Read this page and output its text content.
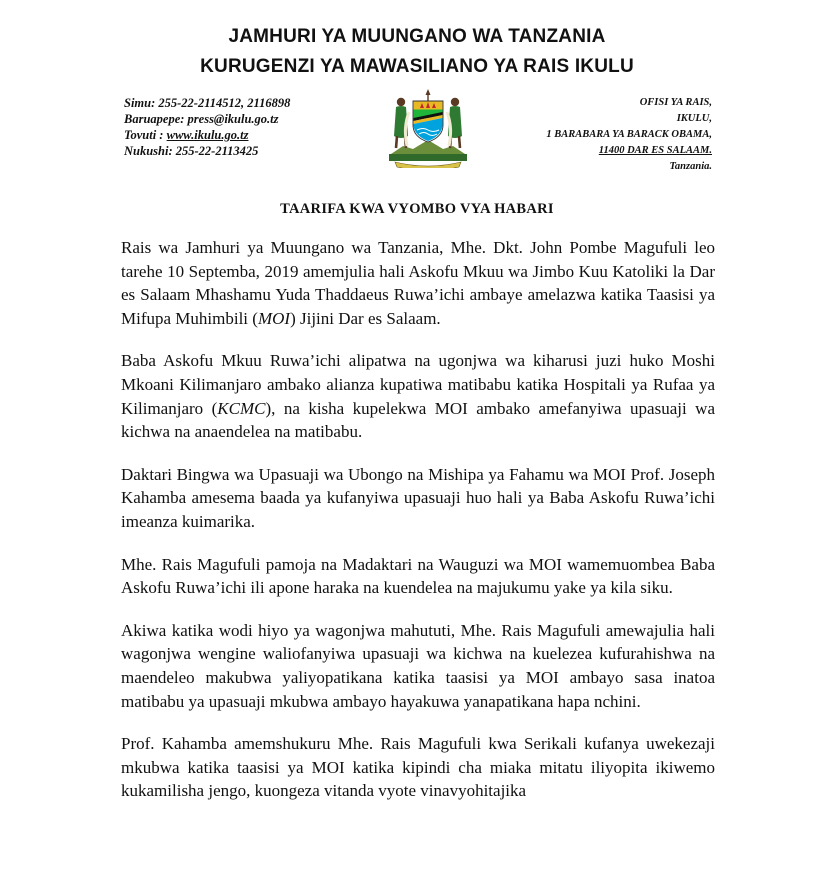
JAMHURI YA MUUNGANO WA TANZANIA
KURUGENZI YA MAWASILIANO YA RAIS IKULU
Simu: 255-22-2114512, 2116898
Baruapepe: press@ikulu.go.tz
Tovuti : www.ikulu.go.tz
Nukushi: 255-22-2113425
OFISI YA RAIS,
IKULU,
1 BARABARA YA BARACK OBAMA,
11400 DAR ES SALAAM.
Tanzania.
TAARIFA KWA VYOMBO VYA HABARI

Rais wa Jamhuri ya Muungano wa Tanzania, Mhe. Dkt. John Pombe Magufuli leo tarehe 10 Septemba, 2019 amemjulia hali Askofu Mkuu wa Jimbo Kuu Katoliki la Dar es Salaam Mhashamu Yuda Thaddaeus Ruwa’ichi ambaye amelazwa katika Taasisi ya Mifupa Muhimbili (MOI) Jijini Dar es Salaam.

Baba Askofu Mkuu Ruwa’ichi alipatwa na ugonjwa wa kiharusi juzi huko Moshi Mkoani Kilimanjaro ambako alianza kupatiwa matibabu katika Hospitali ya Rufaa ya Kilimanjaro (KCMC), na kisha kupelekwa MOI ambako amefanyiwa upasuaji wa kichwa na anaendelea na matibabu.

Daktari Bingwa wa Upasuaji wa Ubongo na Mishipa ya Fahamu wa MOI Prof. Joseph Kahamba amesema baada ya kufanyiwa upasuaji huo hali ya Baba Askofu Ruwa’ichi imeanza kuimarika.

Mhe. Rais Magufuli pamoja na Madaktari na Wauguzi wa MOI wamemuombea Baba Askofu Ruwa’ichi ili apone haraka na kuendelea na majukumu yake ya kila siku.

Akiwa katika wodi hiyo ya wagonjwa mahututi, Mhe. Rais Magufuli amewajulia hali wagonjwa wengine waliofanyiwa upasuaji wa kichwa na kuelezea kufurahishwa na maendeleo makubwa yaliyopatikana katika taasisi ya MOI ambayo sasa inatoa matibabu ya upasuaji mkubwa ambayo hayakuwa yanapatikana hapa nchini.

Prof. Kahamba amemshukuru Mhe. Rais Magufuli kwa Serikali kufanya uwekezaji mkubwa katika taasisi ya MOI katika kipindi cha miaka mitatu iliyopita ikiwemo kukamilisha jengo, kuongeza vitanda vyote vinavyohitajika
